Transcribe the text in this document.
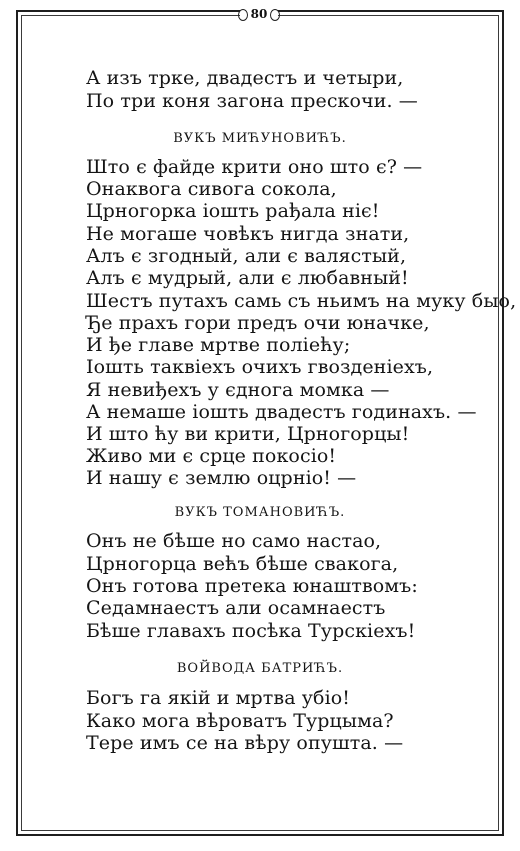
80
А изъ трке, двадестъ и четыри,
По три коня загона прескочи. —
ВУКЪ МИЋУНОВИЋЪ.
Што є файде крити оно што є? —
Онаквога сивога сокола,
Црногорка іошть рађала ніє!
Не могаше човѣкъ нигда знати,
Алъ є згодный, али є валястый,
Алъ є мудрый, али є любавный!
Шестъ путахъ самь съ ньимъ на муку быо,
Ђе прахъ гори предъ очи юначке,
И ђе главе мртве поліећу;
Іошть таквіехъ очихъ гвозденіехъ,
Я невиђехъ у єднога момка —
А немаше іошть двадестъ годинахъ. —
И што ћу ви крити, Црногорцы!
Живо ми є срце покосіо!
И нашу є землю оцрніо! —
ВУКЪ ТОМАНОВИЋЪ.
Онъ не бѣше но само настао,
Црногорца већъ бѣше свакога,
Онъ готова претека юнаштвомъ:
Седамнаестъ али осамнаестъ
Бѣше главахъ посѣка Турскіехъ!
ВОЙВОДА БАТРИЋЪ.
Богъ га якій и мртва убіо!
Како мога вѣроватъ Турцыма?
Тере имъ се на вѣру опушта. —
